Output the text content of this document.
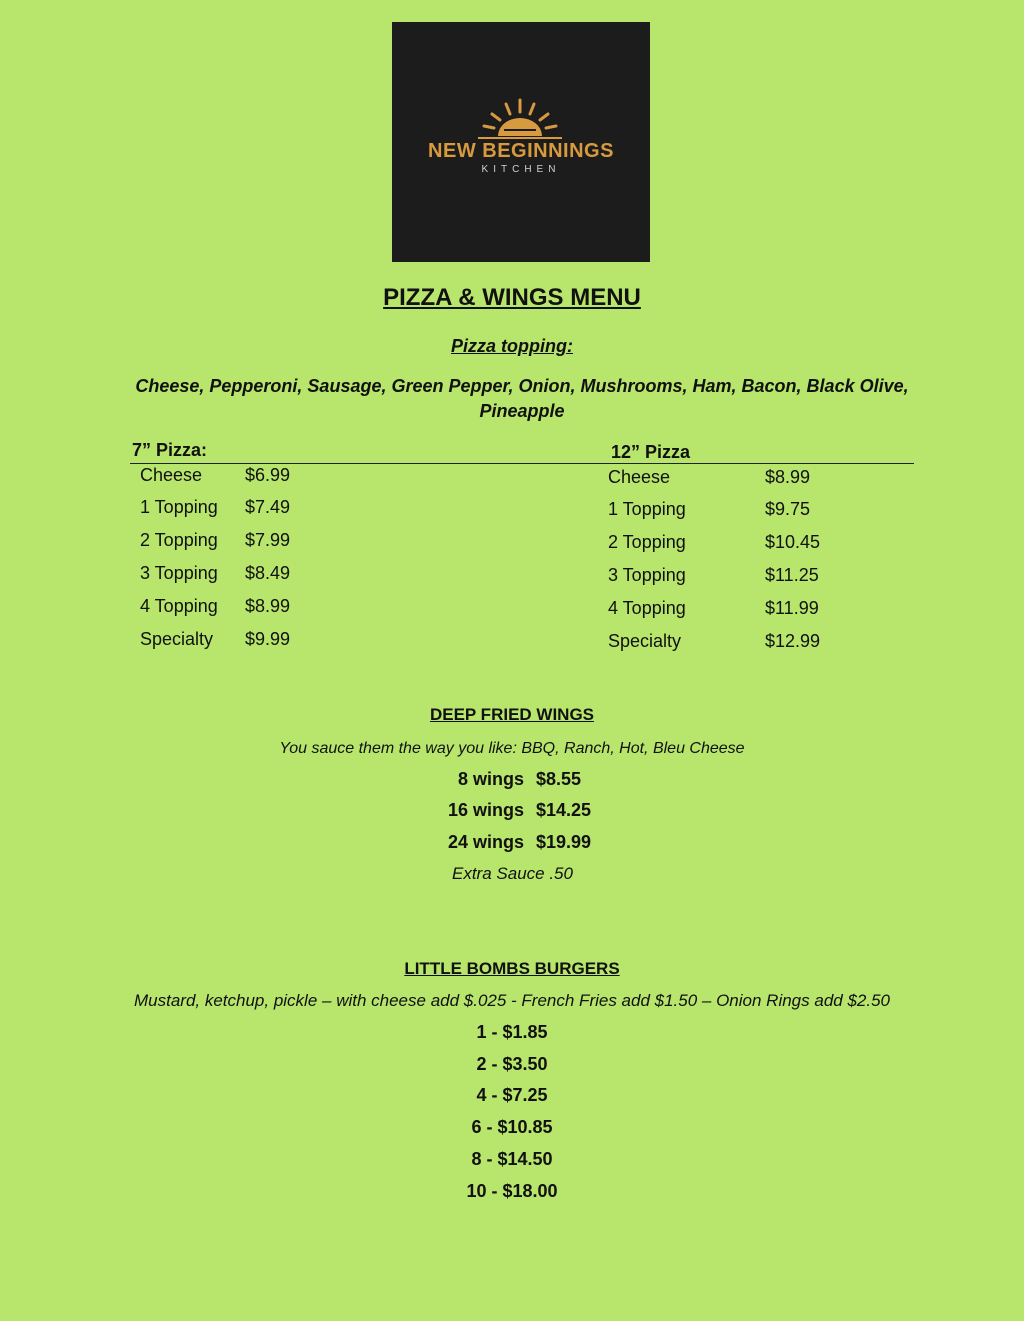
NEW BEGINNINGS
KITCHEN
PIZZA & WINGS MENU
Pizza topping:
Cheese, Pepperoni, Sausage, Green Pepper, Onion, Mushrooms, Ham, Bacon, Black Olive, Pineapple
7” Pizza:
Cheese $6.99
1 Topping $7.49
2 Topping $7.99
3 Topping $8.49
4 Topping $8.99
Specialty $9.99
12” Pizza
Cheese	$8.99
1 Topping	$9.75
2 Topping	$10.45
3 Topping	$11.25
4 Topping	$11.99
Specialty	$12.99
DEEP FRIED WINGS
You sauce them the way you like: BBQ, Ranch, Hot, Bleu Cheese
8 wings $8.55
16 wings $14.25
24 wings $19.99
Extra Sauce .50
LITTLE BOMBS BURGERS
Mustard, ketchup, pickle – with cheese add $.025 - French Fries add $1.50 – Onion Rings add $2.50
1 - $1.85
2 - $3.50
4 - $7.25
6 - $10.85
8 - $14.50
10 - $18.00
